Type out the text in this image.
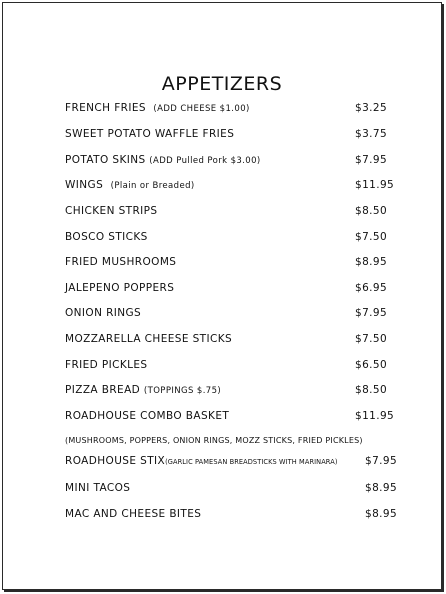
APPETIZERS
FRENCH FRIES (ADD CHEESE $1.00)	$3.25
SWEET POTATO WAFFLE FRIES	$3.75
POTATO SKINS (ADD Pulled Pork $3.00)	$7.95
WINGS (Plain or Breaded)	$11.95
CHICKEN STRIPS	$8.50
BOSCO STICKS	$7.50
FRIED MUSHROOMS	$8.95
JALEPENO POPPERS	$6.95
ONION RINGS	$7.95
MOZZARELLA CHEESE STICKS	$7.50
FRIED PICKLES	$6.50
PIZZA BREAD (TOPPINGS $.75)	$8.50
ROADHOUSE COMBO BASKET	$11.95
(MUSHROOMS, POPPERS, ONION RINGS, MOZZ STICKS, FRIED PICKLES)
ROADHOUSE STIX(GARLIC PAMESAN BREADSTICKS WITH MARINARA)	$7.95
MINI TACOS	$8.95
MAC AND CHEESE BITES	$8.95
